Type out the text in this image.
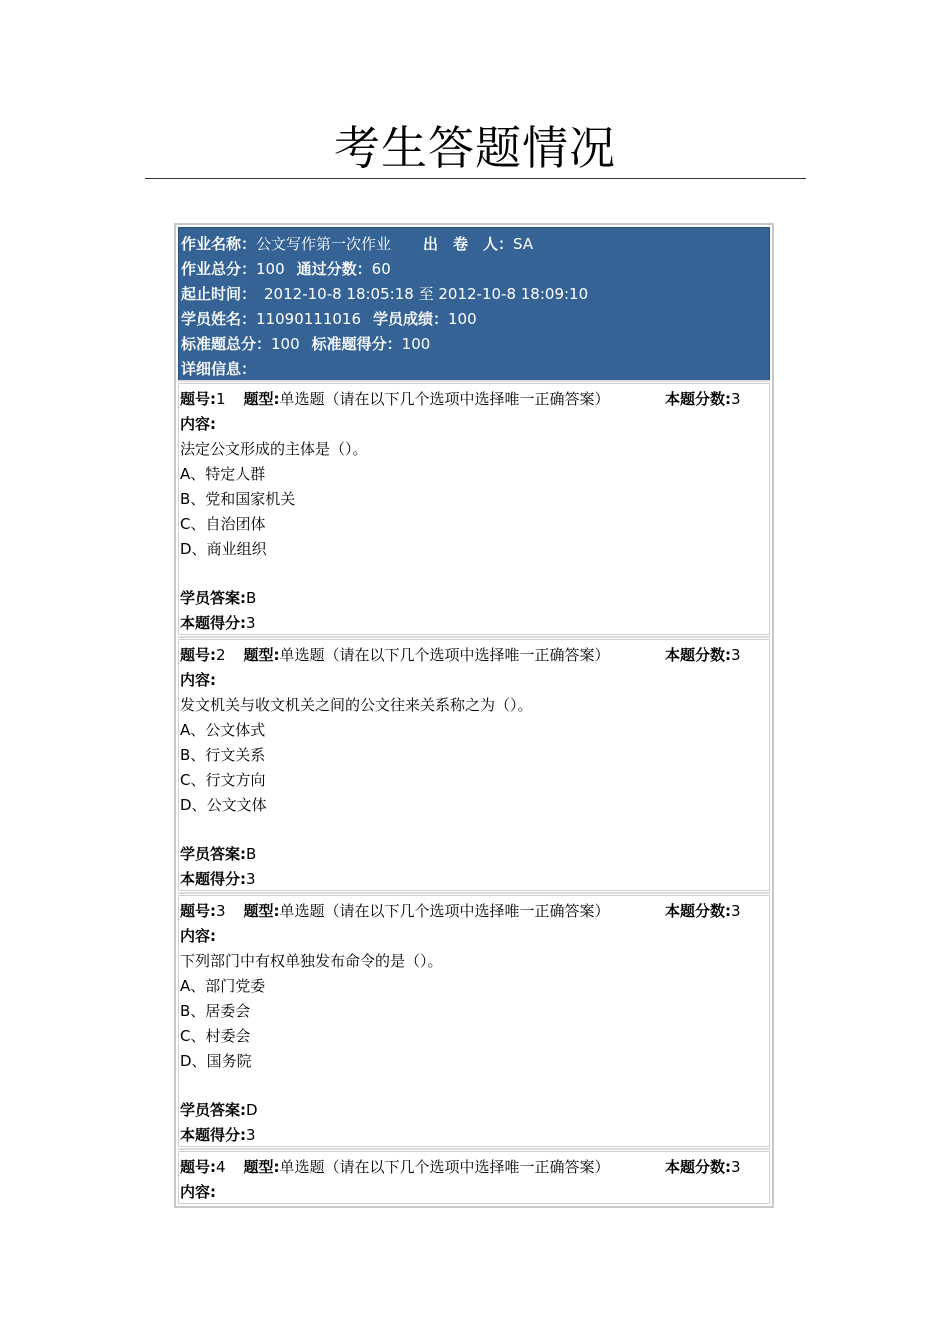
考生答题情况
作业名称：公文写作第一次作业 出　卷　人：SA
作业总分：100 通过分数：60
起止时间： 2012-10-8 18:05:18 至 2012-10-8 18:09:10
学员姓名：11090111016 学员成绩：100
标准题总分：100 标准题得分：100
详细信息：
题号:1 题型:单选题（请在以下几个选项中选择唯一正确答案）	本题分数:3
内容:
法定公文形成的主体是（）。
A、特定人群
B、党和国家机关
C、自治团体
D、商业组织
学员答案:B
本题得分:3
题号:2 题型:单选题（请在以下几个选项中选择唯一正确答案）	本题分数:3
内容:
发文机关与收文机关之间的公文往来关系称之为（）。
A、公文体式
B、行文关系
C、行文方向
D、公文文体
学员答案:B
本题得分:3
题号:3 题型:单选题（请在以下几个选项中选择唯一正确答案）	本题分数:3
内容:
下列部门中有权单独发布命令的是（）。
A、部门党委
B、居委会
C、村委会
D、国务院
学员答案:D
本题得分:3
题号:4 题型:单选题（请在以下几个选项中选择唯一正确答案）	本题分数:3
内容:
